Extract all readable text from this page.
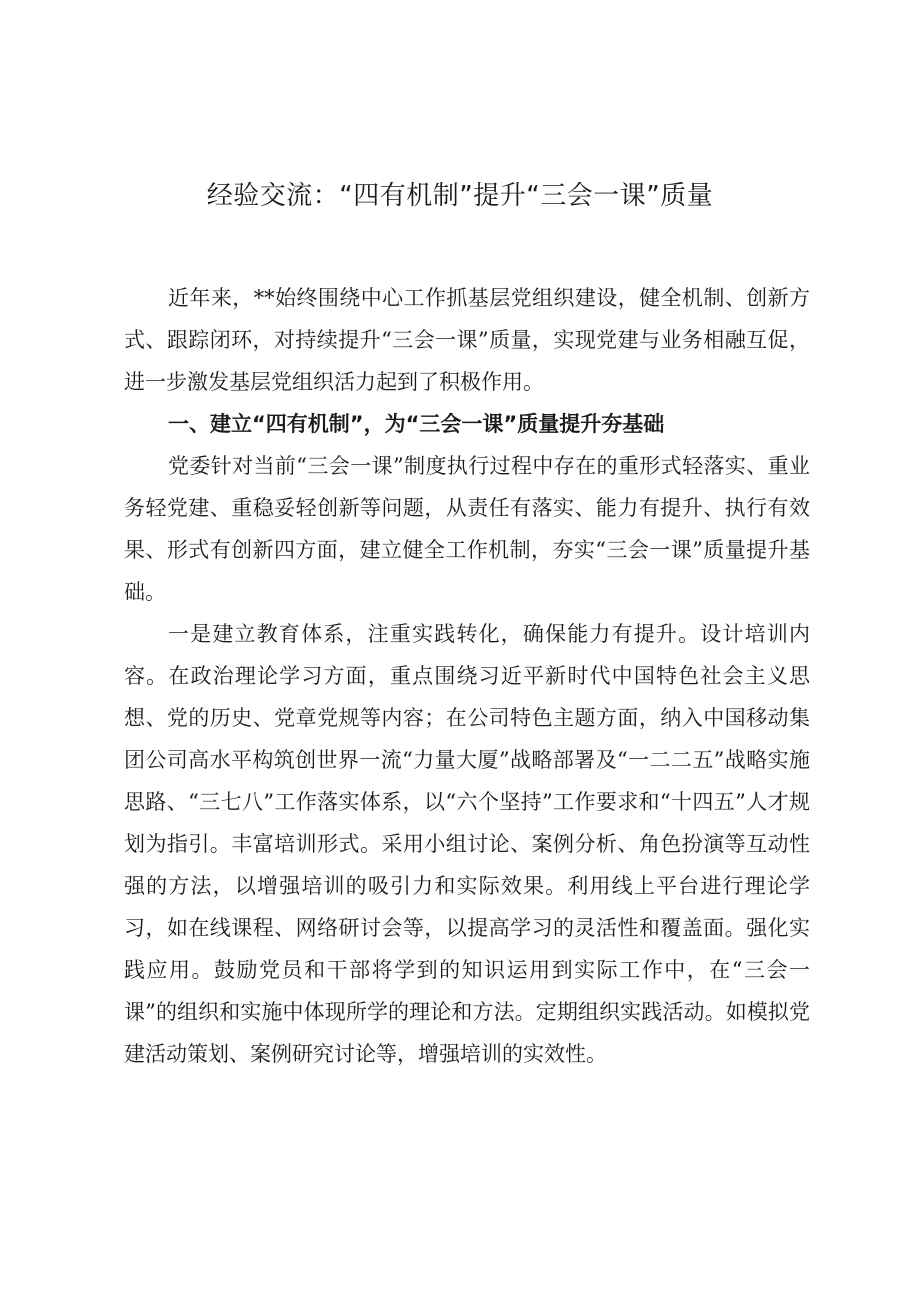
经验交流：“四有机制”提升“三会一课”质量

近年来，**始终围绕中心工作抓基层党组织建设，健全机制、创新方式、跟踪闭环，对持续提升“三会一课”质量，实现党建与业务相融互促，进一步激发基层党组织活力起到了积极作用。

一、建立“四有机制”，为“三会一课”质量提升夯基础

党委针对当前“三会一课”制度执行过程中存在的重形式轻落实、重业务轻党建、重稳妥轻创新等问题，从责任有落实、能力有提升、执行有效果、形式有创新四方面，建立健全工作机制，夯实“三会一课”质量提升基础。

一是建立教育体系，注重实践转化，确保能力有提升。设计培训内容。在政治理论学习方面，重点围绕习近平新时代中国特色社会主义思想、党的历史、党章党规等内容；在公司特色主题方面，纳入中国移动集团公司高水平构筑创世界一流“力量大厦”战略部署及“一二二五”战略实施思路、“三七八”工作落实体系，以“六个坚持”工作要求和“十四五”人才规划为指引。丰富培训形式。采用小组讨论、案例分析、角色扮演等互动性强的方法，以增强培训的吸引力和实际效果。利用线上平台进行理论学习，如在线课程、网络研讨会等，以提高学习的灵活性和覆盖面。强化实践应用。鼓励党员和干部将学到的知识运用到实际工作中，在“三会一课”的组织和实施中体现所学的理论和方法。定期组织实践活动。如模拟党建活动策划、案例研究讨论等，增强培训的实效性。
